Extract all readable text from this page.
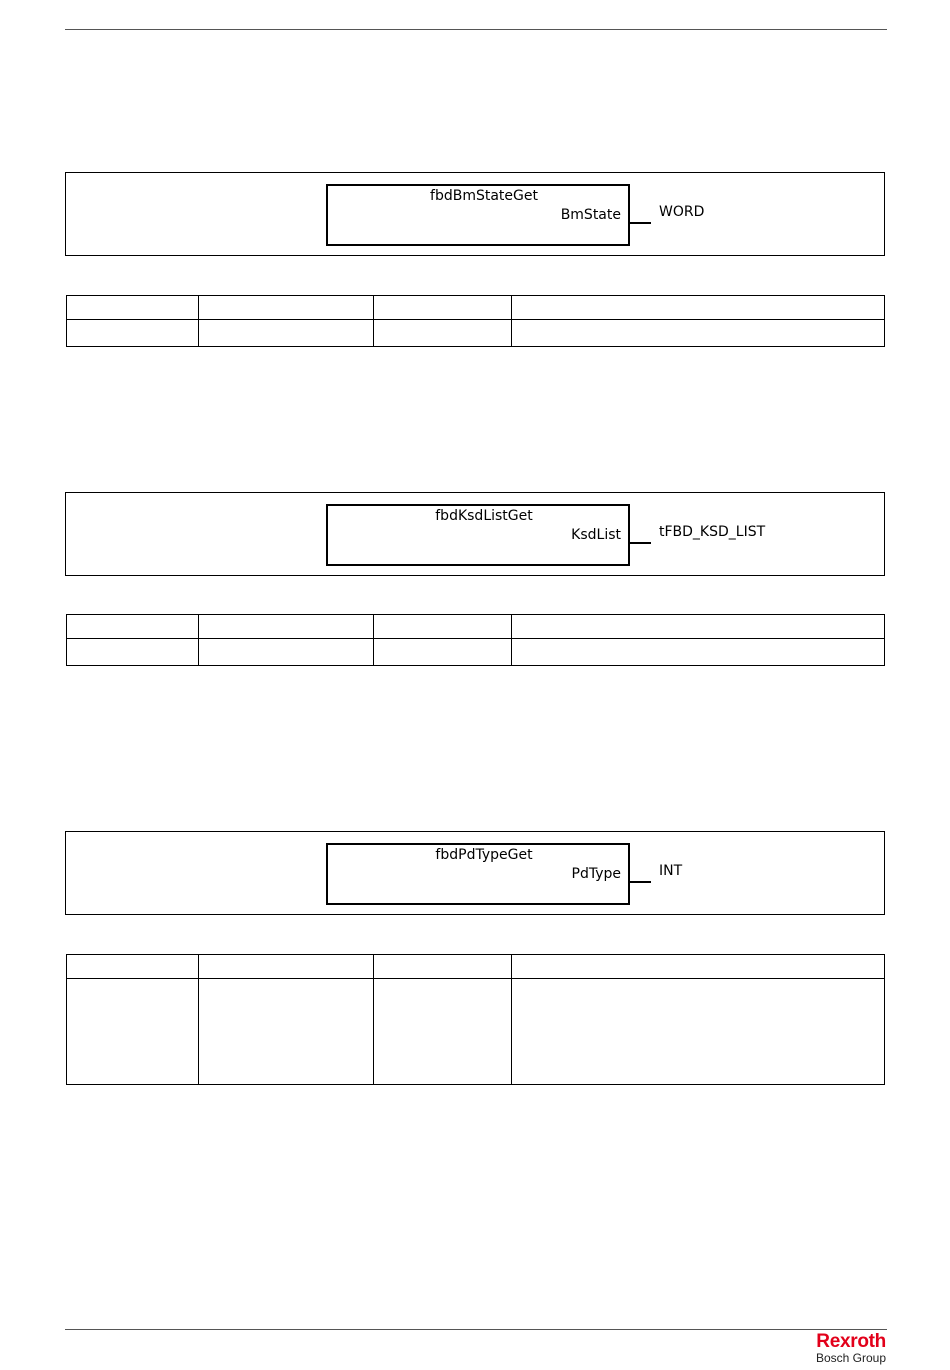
fbdBmStateGet
BmState	WORD

fbdKsdListGet
KsdList	tFBD_KSD_LIST

fbdPdTypeGet
PdType	INT

Rexroth
Bosch Group
